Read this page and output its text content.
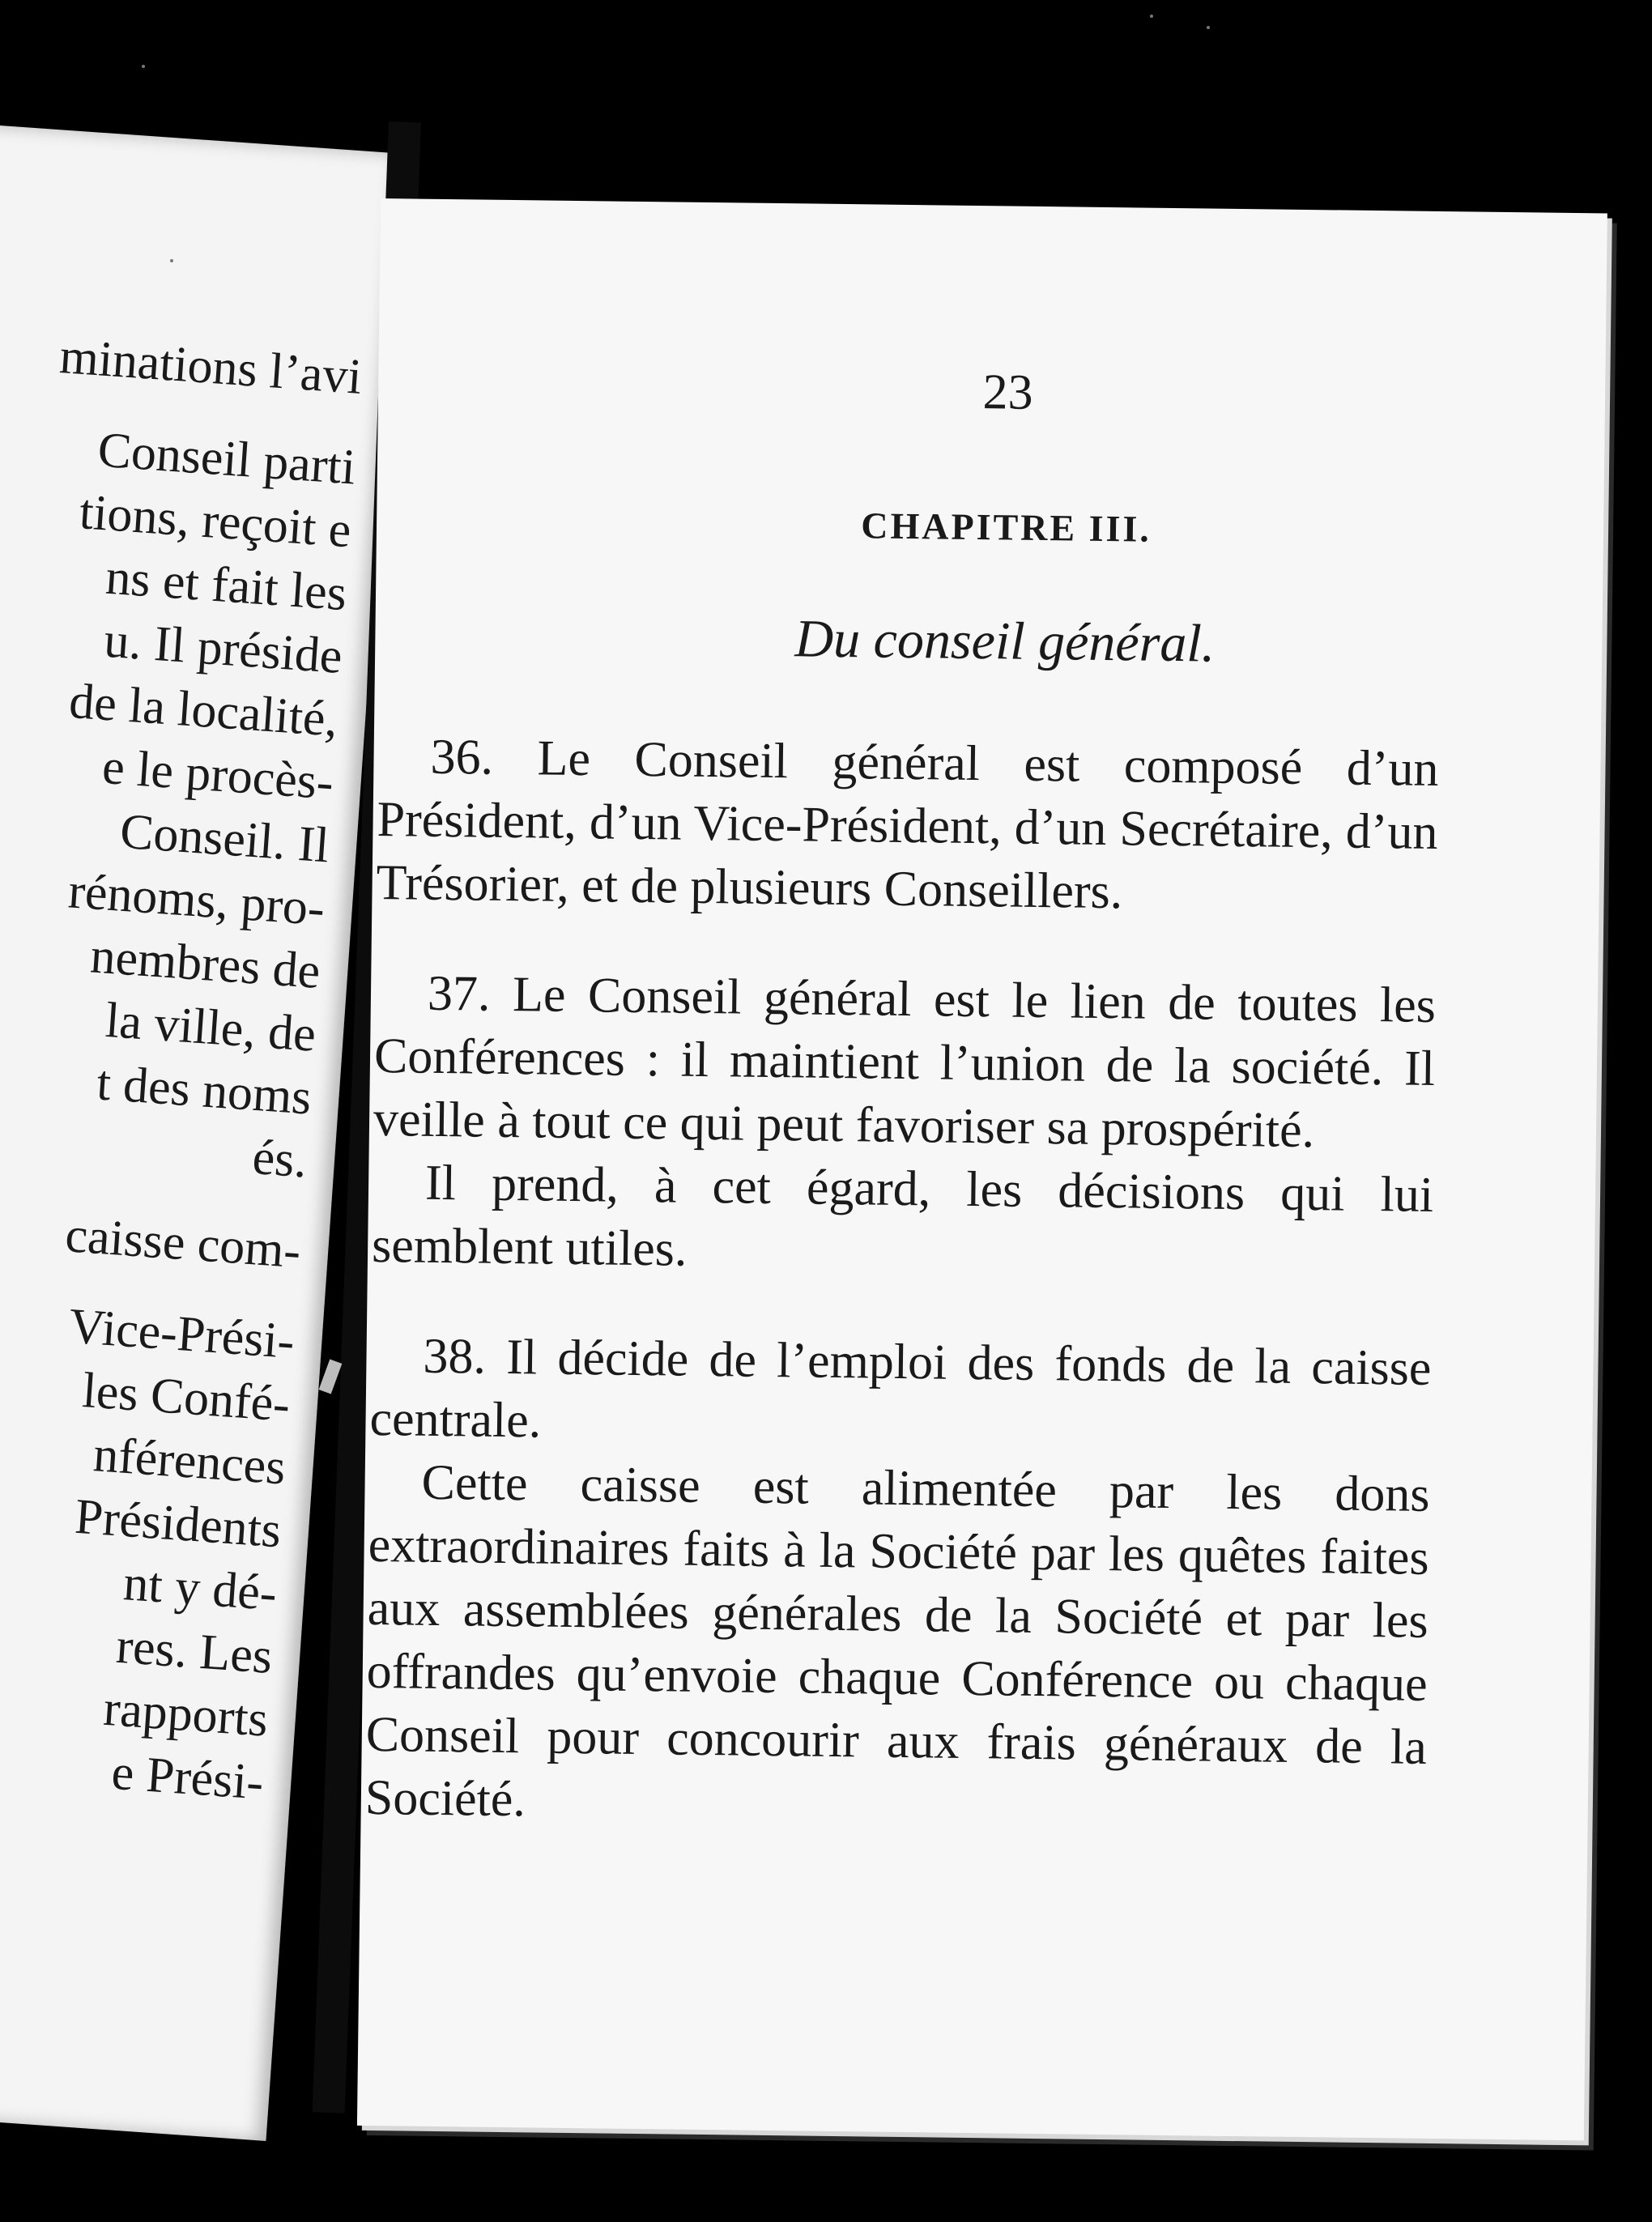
minations l’avi
Conseil parti
tions, reçoit e
ns et fait les
u. Il préside
de la localité,
e le procès-
Conseil. Il
rénoms, pro-
nembres de
la ville, de
t des noms
és.
caisse com-
Vice-Prési-
les Confé-
nférences
Présidents
nt y dé-
res. Les
rapports
e Prési-
23
CHAPITRE III.
Du conseil général.

36. Le Conseil général est composé d’un Président, d’un Vice-Président, d’un Secrétaire, d’un Trésorier, et de plusieurs Conseillers.

37. Le Conseil général est le lien de toutes les Conférences : il maintient l’union de la société. Il veille à tout ce qui peut favoriser sa prospérité.

Il prend, à cet égard, les décisions qui lui semblent utiles.

38. Il décide de l’emploi des fonds de la caisse centrale.

Cette caisse est alimentée par les dons extraordinaires faits à la Société par les quêtes faites aux assemblées générales de la Société et par les offrandes qu’envoie chaque Conférence ou chaque Conseil pour concourir aux frais généraux de la Société.
